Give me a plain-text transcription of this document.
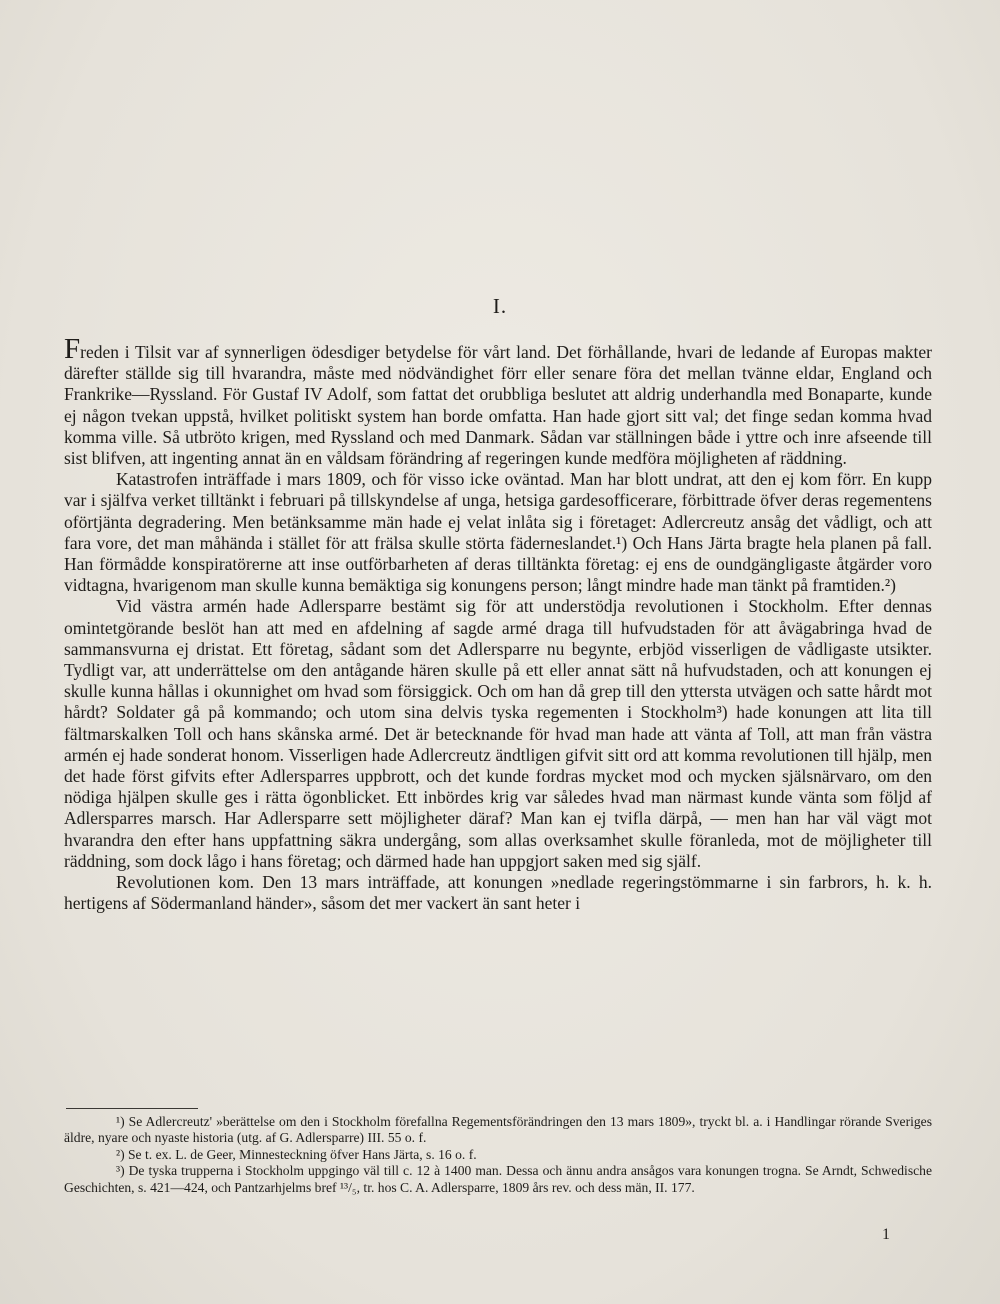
I.

Freden i Tilsit var af synnerligen ödesdiger betydelse för vårt land. Det förhållande, hvari de ledande af Europas makter därefter ställde sig till hvarandra, måste med nödvändighet förr eller senare föra det mellan tvänne eldar, England och Frankrike—Ryssland. För Gustaf IV Adolf, som fattat det orubbliga beslutet att aldrig underhandla med Bonaparte, kunde ej någon tvekan uppstå, hvilket politiskt system han borde omfatta. Han hade gjort sitt val; det finge sedan komma hvad komma ville. Så utbröto krigen, med Ryssland och med Danmark. Sådan var ställningen både i yttre och inre afseende till sist blifven, att ingenting annat än en våldsam förändring af regeringen kunde medföra möjligheten af räddning.

Katastrofen inträffade i mars 1809, och för visso icke oväntad. Man har blott undrat, att den ej kom förr. En kupp var i själfva verket tilltänkt i februari på tillskyndelse af unga, hetsiga gardesofficerare, förbittrade öfver deras regementens oförtjänta degradering. Men betänksamme män hade ej velat inlåta sig i företaget: Adlercreutz ansåg det vådligt, och att fara vore, det man måhända i stället för att frälsa skulle störta fäderneslandet.¹) Och Hans Järta bragte hela planen på fall. Han förmådde konspiratörerne att inse outförbarheten af deras tilltänkta företag: ej ens de oundgängligaste åtgärder voro vidtagna, hvarigenom man skulle kunna bemäktiga sig konungens person; långt mindre hade man tänkt på framtiden.²)

Vid västra armén hade Adlersparre bestämt sig för att understödja revolutionen i Stockholm. Efter dennas omintetgörande beslöt han att med en afdelning af sagde armé draga till hufvudstaden för att åvägabringa hvad de sammansvurna ej dristat. Ett företag, sådant som det Adlersparre nu begynte, erbjöd visserligen de vådligaste utsikter. Tydligt var, att underrättelse om den antågande hären skulle på ett eller annat sätt nå hufvudstaden, och att konungen ej skulle kunna hållas i okunnighet om hvad som försiggick. Och om han då grep till den yttersta utvägen och satte hårdt mot hårdt? Soldater gå på kommando; och utom sina delvis tyska regementen i Stockholm³) hade konungen att lita till fältmarskalken Toll och hans skånska armé. Det är betecknande för hvad man hade att vänta af Toll, att man från västra armén ej hade sonderat honom. Visserligen hade Adlercreutz ändtligen gifvit sitt ord att komma revolutionen till hjälp, men det hade först gifvits efter Adlersparres uppbrott, och det kunde fordras mycket mod och mycken själsnärvaro, om den nödiga hjälpen skulle ges i rätta ögonblicket. Ett inbördes krig var således hvad man närmast kunde vänta som följd af Adlersparres marsch. Har Adlersparre sett möjligheter däraf? Man kan ej tvifla därpå, — men han har väl vägt mot hvarandra den efter hans uppfattning säkra undergång, som allas overksamhet skulle föranleda, mot de möjligheter till räddning, som dock lågo i hans företag; och därmed hade han uppgjort saken med sig själf.

Revolutionen kom. Den 13 mars inträffade, att konungen »nedlade regeringstömmarne i sin farbrors, h. k. h. hertigens af Södermanland händer», såsom det mer vackert än sant heter i

¹) Se Adlercreutz' »berättelse om den i Stockholm förefallna Regementsförändringen den 13 mars 1809», tryckt bl. a. i Handlingar rörande Sveriges äldre, nyare och nyaste historia (utg. af G. Adlersparre) III. 55 o. f.

²) Se t. ex. L. de Geer, Minnesteckning öfver Hans Järta, s. 16 o. f.

³) De tyska trupperna i Stockholm uppgingo väl till c. 12 à 1400 man. Dessa och ännu andra ansågos vara konungen trogna. Se Arndt, Schwedische Geschichten, s. 421—424, och Pantzarhjelms bref ¹³/₅, tr. hos C. A. Adlersparre, 1809 års rev. och dess män, II. 177.

1
